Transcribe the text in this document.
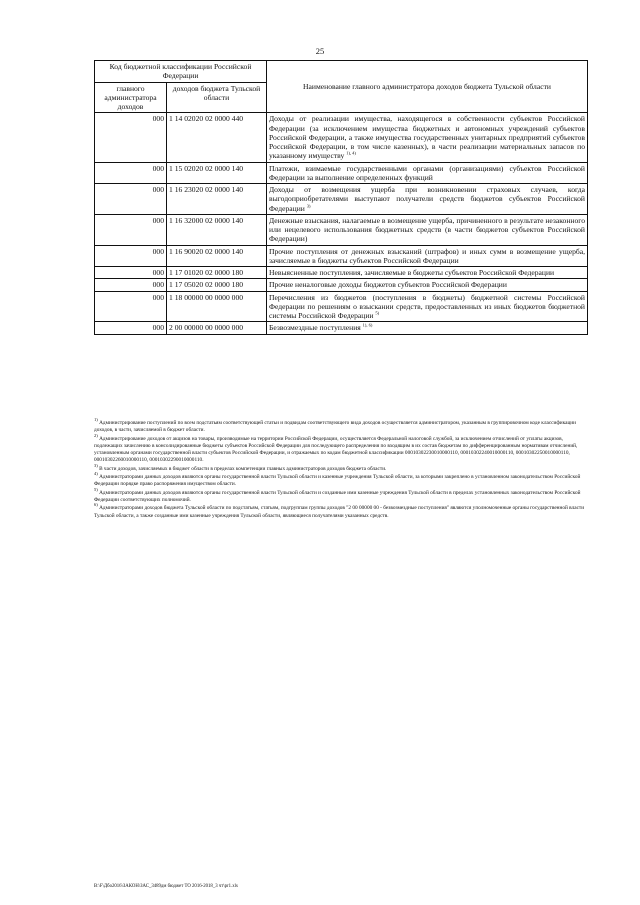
25
Код бюджетной классификации Российской Федерации		Наименование главного администратора доходов бюджета Тульской области
главного администратора доходов	доходов бюджета Тульской области	
000	1 14 02020 02 0000 440	Доходы от реализации имущества, находящегося в собственности субъектов Российской Федерации (за исключением имущества бюджетных и автономных учреждений субъектов Российской Федерации, а также имущества государственных унитарных предприятий субъектов Российской Федерации, в том числе казенных), в части реализации материальных запасов по указанному имуществу $^{1), 4)}$
000	1 15 02020 02 0000 140	Платежи, взимаемые государственными органами (организациями) субъектов Российской Федерации за выполнение определенных функций
000	1 16 23020 02 0000 140	Доходы от возмещения ущерба при возникновении страховых случаев, когда выгодоприобретателями выступают получатели средств бюджетов субъектов Российской Федерации $^{3)}$
000	1 16 32000 02 0000 140	Денежные взыскания, налагаемые в возмещение ущерба, причиненного в результате незаконного или нецелевого использования бюджетных средств (в части бюджетов субъектов Российской Федерации)
000	1 16 90020 02 0000 140	Прочие поступления от денежных взысканий (штрафов) и иных сумм в возмещение ущерба, зачисляемые в бюджеты субъектов Российской Федерации
000	1 17 01020 02 0000 180	Невыясненные поступления, зачисляемые в бюджеты субъектов Российской Федерации
000	1 17 05020 02 0000 180	Прочие неналоговые доходы бюджетов субъектов Российской Федерации
000	1 18 00000 00 0000 000	Перечисления из бюджетов (поступления в бюджеты) бюджетной системы Российской Федерации по решениям о взыскании средств, предоставленных из иных бюджетов бюджетной системы Российской Федерации $^{5)}$
000	2 00 00000 00 0000 000	Безвозмездные поступления $^{1), 6)}$

$^{1)}$ Администрирование поступлений по всем подстатьям соответствующей статьи и подвидам соответствующего вида доходов осуществляется администратором, указанным в группировочном коде классификации доходов, в части, зачисляемой в бюджет области.

$^{2)}$ Администрирование доходов от акцизов на товары, производимые на территории Российской Федерации, осуществляется Федеральной налоговой службой, за исключением отчислений от уплаты акцизов, подлежащих зачислению в консолидированные бюджеты субъектов Российской Федерации для последующего распределения по входящим в их состав бюджетам по дифференцированным нормативам отчислений, установленным органами государственной власти субъектов Российской Федерации, и отражаемых по кодам бюджетной классификации 00010302230010000110, 00010302240010000110, 00010302250010000110, 00010302260010000110, 00010302290010000110.

$^{3)}$ В части доходов, зачисляемых в бюджет области в пределах компетенции главных администраторов доходов бюджета области.

$^{4)}$ Администраторами данных доходов являются органы государственной власти Тульской области и казенные учреждения Тульской области, за которыми закреплено в установленном законодательством Российской Федерации порядке право распоряжения имуществом области.

$^{5)}$ Администраторами данных доходов являются органы государственной власти Тульской области и созданные ими казенные учреждения Тульской области в пределах установленных законодательством Российской Федерации соответствующих полномочий.

$^{6)}$ Администраторами доходов бюджета Тульской области по подстатьям, статьям, подгруппам группы доходов "2 00 00000 00 - безвозмездные поступления" являются уполномоченные органы государственной власти Тульской области, а также созданные ими казенные учреждения Тульской области, являющиеся получателями указанных средств.

B:\F\Дбо2016\ЗАКОН\ЗАС_3489дм бюджет ТО 2016-2018_3 чт\pr1.xls
